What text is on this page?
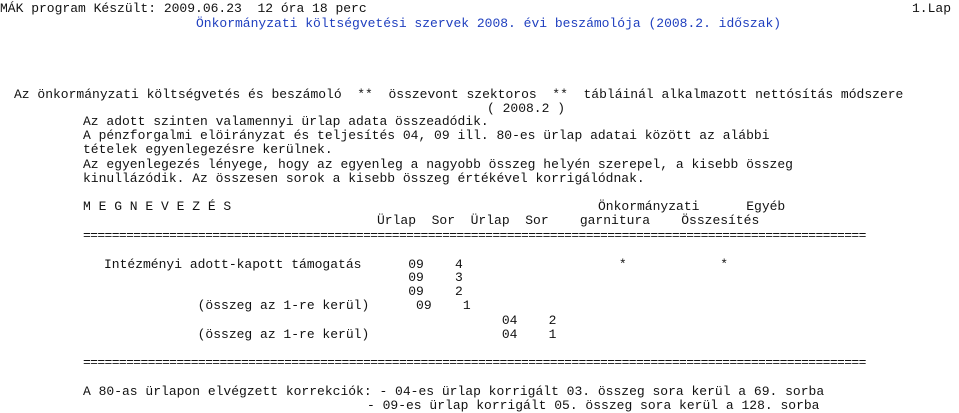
MÁK program Készült: 2009.06.23  12 óra 18 perc	1.Lap
Önkormányzati költségvetési szervek 2008. évi beszámolója (2008.2. időszak)
Az önkormányzati költségvetés és beszámoló  **  összevont szektoros  **  tábláinál alkalmazott nettósítás módszere
( 2008.2 )
Az adott szinten valamennyi ürlap adata összeadódik.
A pénzforgalmi elöirányzat és teljesítés 04, 09 ill. 80-es ürlap adatai között az alábbi
tételek egyenlegezésre kerülnek.
Az egyenlegezés lényege, hogy az egyenleg a nagyobb összeg helyén szerepel, a kisebb összeg
kinullázódik. Az összesen sorok a kisebb összeg értékével korrigálódnak.
M E G N E V E Z É S	Önkormányzati      Egyéb
Ürlap  Sor  Ürlap  Sor    garnitura    Összesítés
=============================================================================================================
Intézményi adott-kapott támogatás      09    4                    *            *
09    3
09    2
(összeg az 1-re kerül)      09    1
04    2
(összeg az 1-re kerül)                 04    1
=============================================================================================================
A 80-as ürlapon elvégzett korrekciók: - 04-es ürlap korrigált 03. összeg sora kerül a 69. sorba
- 09-es ürlap korrigált 05. összeg sora kerül a 128. sorba
